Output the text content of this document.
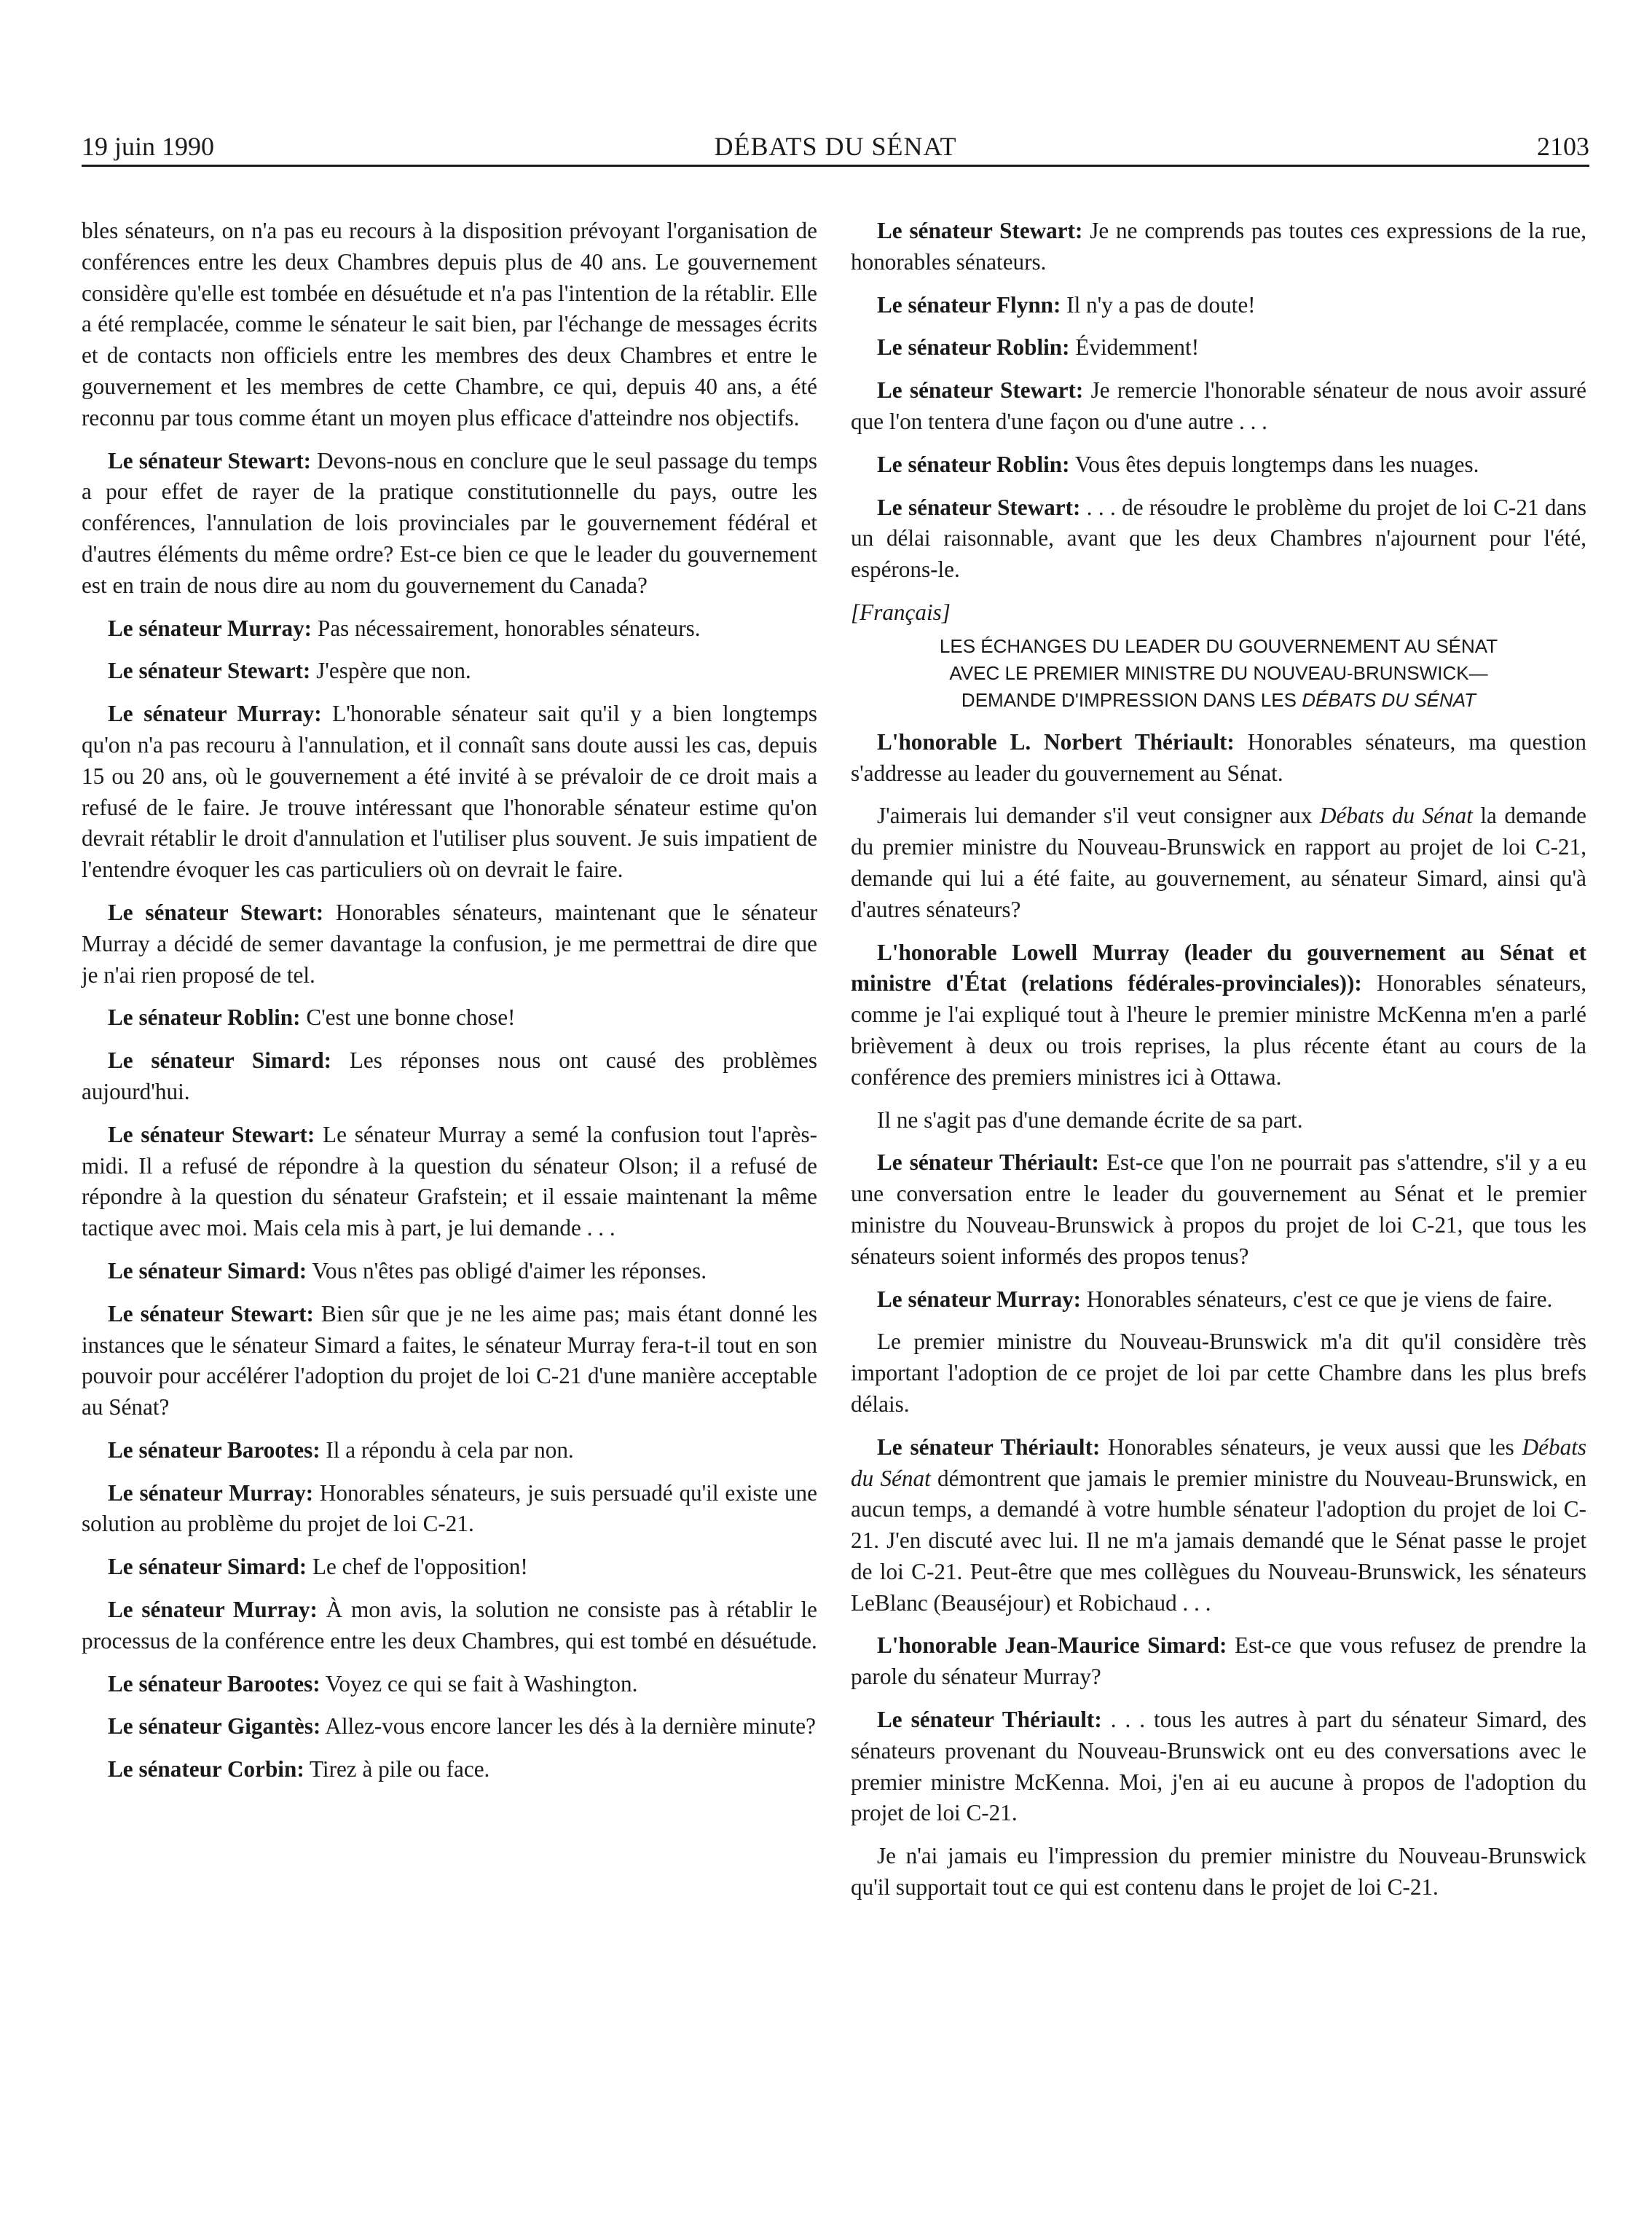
19 juin 1990	DÉBATS DU SÉNAT	2103

bles sénateurs, on n'a pas eu recours à la disposition prévoyant l'organisation de conférences entre les deux Chambres depuis plus de 40 ans. Le gouvernement considère qu'elle est tombée en désuétude et n'a pas l'intention de la rétablir. Elle a été remplacée, comme le sénateur le sait bien, par l'échange de messages écrits et de contacts non officiels entre les membres des deux Chambres et entre le gouvernement et les membres de cette Chambre, ce qui, depuis 40 ans, a été reconnu par tous comme étant un moyen plus efficace d'atteindre nos objectifs.

Le sénateur Stewart: Devons-nous en conclure que le seul passage du temps a pour effet de rayer de la pratique constitutionnelle du pays, outre les conférences, l'annulation de lois provinciales par le gouvernement fédéral et d'autres éléments du même ordre? Est-ce bien ce que le leader du gouvernement est en train de nous dire au nom du gouvernement du Canada?

Le sénateur Murray: Pas nécessairement, honorables sénateurs.

Le sénateur Stewart: J'espère que non.

Le sénateur Murray: L'honorable sénateur sait qu'il y a bien longtemps qu'on n'a pas recouru à l'annulation, et il connaît sans doute aussi les cas, depuis 15 ou 20 ans, où le gouvernement a été invité à se prévaloir de ce droit mais a refusé de le faire. Je trouve intéressant que l'honorable sénateur estime qu'on devrait rétablir le droit d'annulation et l'utiliser plus souvent. Je suis impatient de l'entendre évoquer les cas particuliers où on devrait le faire.

Le sénateur Stewart: Honorables sénateurs, maintenant que le sénateur Murray a décidé de semer davantage la confusion, je me permettrai de dire que je n'ai rien proposé de tel.

Le sénateur Roblin: C'est une bonne chose!

Le sénateur Simard: Les réponses nous ont causé des problèmes aujourd'hui.

Le sénateur Stewart: Le sénateur Murray a semé la confusion tout l'après-midi. Il a refusé de répondre à la question du sénateur Olson; il a refusé de répondre à la question du sénateur Grafstein; et il essaie maintenant la même tactique avec moi. Mais cela mis à part, je lui demande . . .

Le sénateur Simard: Vous n'êtes pas obligé d'aimer les réponses.

Le sénateur Stewart: Bien sûr que je ne les aime pas; mais étant donné les instances que le sénateur Simard a faites, le sénateur Murray fera-t-il tout en son pouvoir pour accélérer l'adoption du projet de loi C-21 d'une manière acceptable au Sénat?

Le sénateur Barootes: Il a répondu à cela par non.

Le sénateur Murray: Honorables sénateurs, je suis persuadé qu'il existe une solution au problème du projet de loi C-21.

Le sénateur Simard: Le chef de l'opposition!

Le sénateur Murray: À mon avis, la solution ne consiste pas à rétablir le processus de la conférence entre les deux Chambres, qui est tombé en désuétude.

Le sénateur Barootes: Voyez ce qui se fait à Washington.

Le sénateur Gigantès: Allez-vous encore lancer les dés à la dernière minute?

Le sénateur Corbin: Tirez à pile ou face.

Le sénateur Stewart: Je ne comprends pas toutes ces expressions de la rue, honorables sénateurs.

Le sénateur Flynn: Il n'y a pas de doute!

Le sénateur Roblin: Évidemment!

Le sénateur Stewart: Je remercie l'honorable sénateur de nous avoir assuré que l'on tentera d'une façon ou d'une autre . . .

Le sénateur Roblin: Vous êtes depuis longtemps dans les nuages.

Le sénateur Stewart: . . . de résoudre le problème du projet de loi C-21 dans un délai raisonnable, avant que les deux Chambres n'ajournent pour l'été, espérons-le.

[Français]

LES ÉCHANGES DU LEADER DU GOUVERNEMENT AU SÉNAT
AVEC LE PREMIER MINISTRE DU NOUVEAU-BRUNSWICK—
DEMANDE D'IMPRESSION DANS LES DÉBATS DU SÉNAT

L'honorable L. Norbert Thériault: Honorables sénateurs, ma question s'addresse au leader du gouvernement au Sénat.

J'aimerais lui demander s'il veut consigner aux Débats du Sénat la demande du premier ministre du Nouveau-Brunswick en rapport au projet de loi C-21, demande qui lui a été faite, au gouvernement, au sénateur Simard, ainsi qu'à d'autres sénateurs?

L'honorable Lowell Murray (leader du gouvernement au Sénat et ministre d'État (relations fédérales-provinciales)): Honorables sénateurs, comme je l'ai expliqué tout à l'heure le premier ministre McKenna m'en a parlé brièvement à deux ou trois reprises, la plus récente étant au cours de la conférence des premiers ministres ici à Ottawa.

Il ne s'agit pas d'une demande écrite de sa part.

Le sénateur Thériault: Est-ce que l'on ne pourrait pas s'attendre, s'il y a eu une conversation entre le leader du gouvernement au Sénat et le premier ministre du Nouveau-Brunswick à propos du projet de loi C-21, que tous les sénateurs soient informés des propos tenus?

Le sénateur Murray: Honorables sénateurs, c'est ce que je viens de faire.

Le premier ministre du Nouveau-Brunswick m'a dit qu'il considère très important l'adoption de ce projet de loi par cette Chambre dans les plus brefs délais.

Le sénateur Thériault: Honorables sénateurs, je veux aussi que les Débats du Sénat démontrent que jamais le premier ministre du Nouveau-Brunswick, en aucun temps, a demandé à votre humble sénateur l'adoption du projet de loi C-21. J'en discuté avec lui. Il ne m'a jamais demandé que le Sénat passe le projet de loi C-21. Peut-être que mes collègues du Nouveau-Brunswick, les sénateurs LeBlanc (Beauséjour) et Robichaud . . .

L'honorable Jean-Maurice Simard: Est-ce que vous refusez de prendre la parole du sénateur Murray?

Le sénateur Thériault: . . . tous les autres à part du sénateur Simard, des sénateurs provenant du Nouveau-Brunswick ont eu des conversations avec le premier ministre McKenna. Moi, j'en ai eu aucune à propos de l'adoption du projet de loi C-21.

Je n'ai jamais eu l'impression du premier ministre du Nouveau-Brunswick qu'il supportait tout ce qui est contenu dans le projet de loi C-21.
